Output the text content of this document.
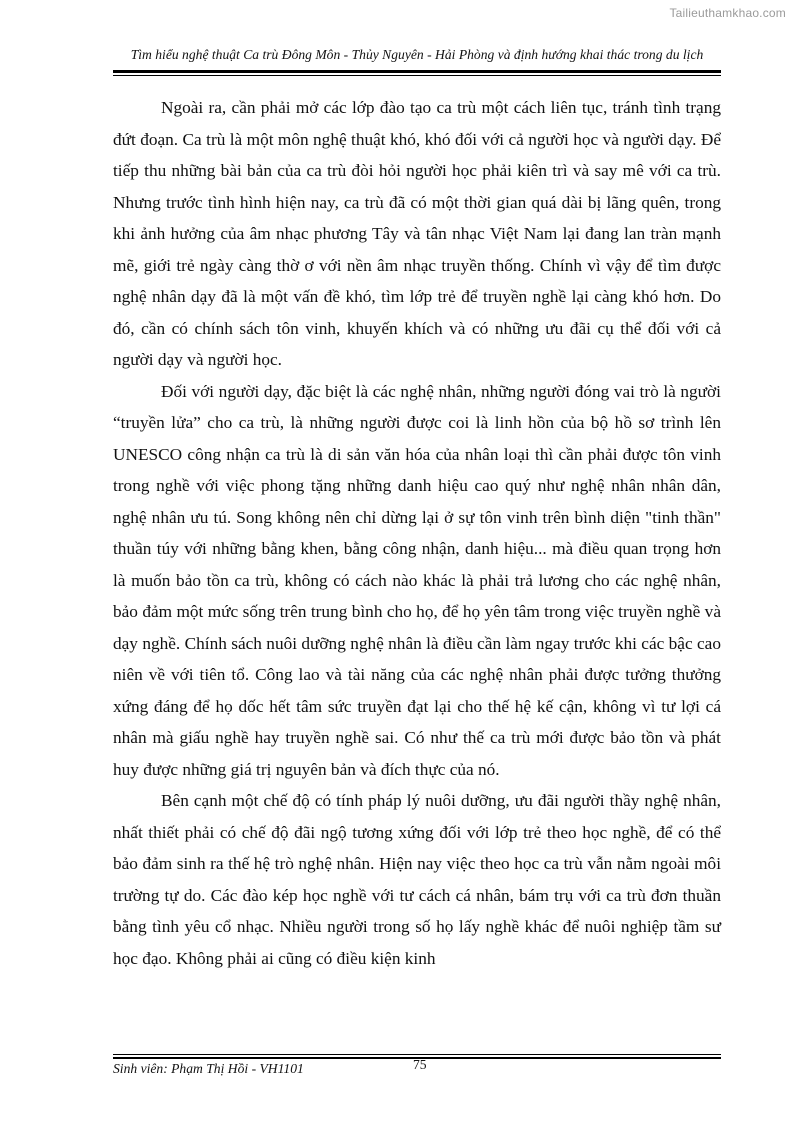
Tailieuthamkhao.com
Tìm hiểu nghệ thuật Ca trù Đông Môn - Thủy Nguyên - Hải Phòng và định hướng khai thác trong du lịch

Ngoài ra, cần phải mở các lớp đào tạo ca trù một cách liên tục, tránh tình trạng đứt đoạn. Ca trù là một môn nghệ thuật khó, khó đối với cả người học và người dạy. Để tiếp thu những bài bản của ca trù đòi hỏi người học phải kiên trì và say mê với ca trù. Nhưng trước tình hình hiện nay, ca trù đã có một thời gian quá dài bị lãng quên, trong khi ảnh hưởng của âm nhạc phương Tây và tân nhạc Việt Nam lại đang lan tràn mạnh mẽ, giới trẻ ngày càng thờ ơ với nền âm nhạc truyền thống. Chính vì vậy để tìm được nghệ nhân dạy đã là một vấn đề khó, tìm lớp trẻ để truyền nghề lại càng khó hơn. Do đó, cần có chính sách tôn vinh, khuyến khích và có những ưu đãi cụ thể đối với cả người dạy và người học.

Đối với người dạy, đặc biệt là các nghệ nhân, những người đóng vai trò là người “truyền lửa” cho ca trù, là những người được coi là linh hồn của bộ hồ sơ trình lên UNESCO công nhận ca trù là di sản văn hóa của nhân loại thì cần phải được tôn vinh trong nghề với việc phong tặng những danh hiệu cao quý như nghệ nhân nhân dân, nghệ nhân ưu tú. Song không nên chỉ dừng lại ở sự tôn vinh trên bình diện "tinh thần" thuần túy với những bằng khen, bằng công nhận, danh hiệu... mà điều quan trọng hơn là muốn bảo tồn ca trù, không có cách nào khác là phải trả lương cho các nghệ nhân, bảo đảm một mức sống trên trung bình cho họ, để họ yên tâm trong việc truyền nghề và dạy nghề. Chính sách nuôi dưỡng nghệ nhân là điều cần làm ngay trước khi các bậc cao niên về với tiên tổ. Công lao và tài năng của các nghệ nhân phải được tưởng thưởng xứng đáng để họ dốc hết tâm sức truyền đạt lại cho thế hệ kế cận, không vì tư lợi cá nhân mà giấu nghề hay truyền nghề sai. Có như thế ca trù mới được bảo tồn và phát huy được những giá trị nguyên bản và đích thực của nó.

Bên cạnh một chế độ có tính pháp lý nuôi dưỡng, ưu đãi người thầy nghệ nhân, nhất thiết phải có chế độ đãi ngộ tương xứng đối với lớp trẻ theo học nghề, để có thể bảo đảm sinh ra thế hệ trò nghệ nhân. Hiện nay việc theo học ca trù vẫn nằm ngoài môi trường tự do. Các đào kép học nghề với tư cách cá nhân, bám trụ với ca trù đơn thuần bằng tình yêu cổ nhạc. Nhiều người trong số họ lấy nghề khác để nuôi nghiệp tầm sư học đạo. Không phải ai cũng có điều kiện kinh

Sinh viên: Phạm Thị Hồi - VH1101	75
